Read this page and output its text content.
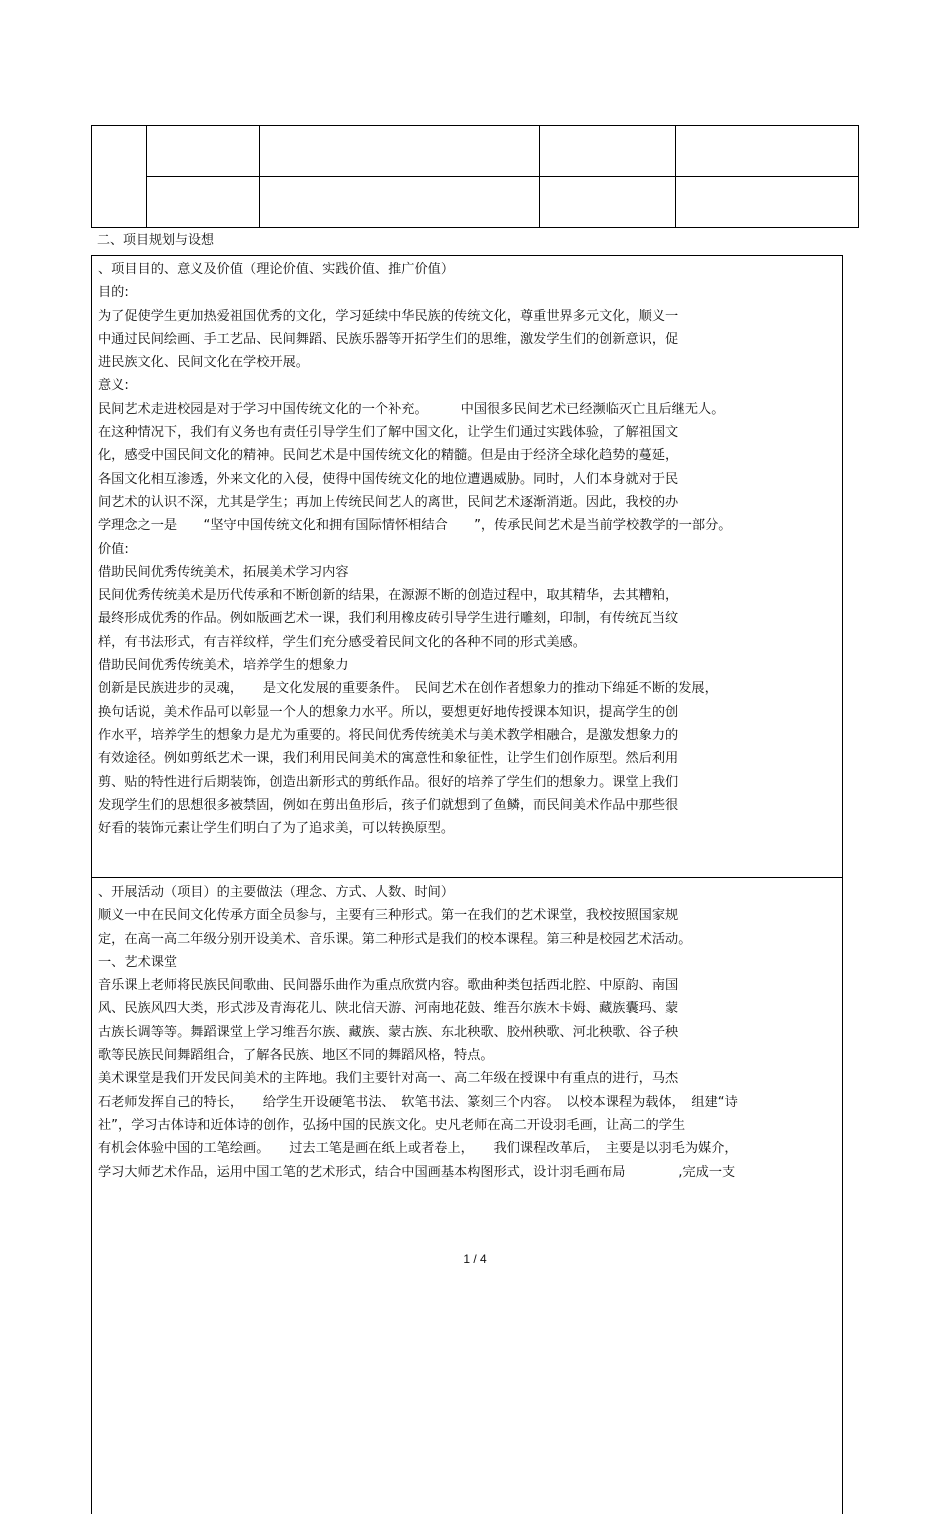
二、项目规划与设想
、项目目的、意义及价值（理论价值、实践价值、推广价值）
目的:
为了促使学生更加热爱祖国优秀的文化，学习延续中华民族的传统文化，尊重世界多元文化，顺义一
中通过民间绘画、手工艺品、民间舞蹈、民族乐器等开拓学生们的思维，激发学生们的创新意识，促
进民族文化、民间文化在学校开展。
意义:
民间艺术走进校园是对于学习中国传统文化的一个补充。　　　中国很多民间艺术已经濒临灭亡且后继无人。
在这种情况下，我们有义务也有责任引导学生们了解中国文化，让学生们通过实践体验，了解祖国文
化，感受中国民间文化的精神。民间艺术是中国传统文化的精髓。但是由于经济全球化趋势的蔓延，
各国文化相互渗透，外来文化的入侵，使得中国传统文化的地位遭遇威胁。同时，人们本身就对于民
间艺术的认识不深，尤其是学生；再加上传统民间艺人的离世，民间艺术逐渐消逝。因此，我校的办
学理念之一是　　“坚守中国传统文化和拥有国际情怀相结合　　”，传承民间艺术是当前学校教学的一部分。
价值:
借助民间优秀传统美术，拓展美术学习内容
民间优秀传统美术是历代传承和不断创新的结果，在源源不断的创造过程中，取其精华，去其糟粕，
最终形成优秀的作品。例如版画艺术一课，我们利用橡皮砖引导学生进行雕刻，印制，有传统瓦当纹
样，有书法形式，有吉祥纹样，学生们充分感受着民间文化的各种不同的形式美感。
借助民间优秀传统美术，培养学生的想象力
创新是民族进步的灵魂，　　是文化发展的重要条件。　民间艺术在创作者想象力的推动下绵延不断的发展，
换句话说，美术作品可以彰显一个人的想象力水平。所以，要想更好地传授课本知识，提高学生的创
作水平，培养学生的想象力是尤为重要的。将民间优秀传统美术与美术教学相融合，是激发想象力的
有效途径。例如剪纸艺术一课，我们利用民间美术的寓意性和象征性，让学生们创作原型。然后利用
剪、贴的特性进行后期装饰，创造出新形式的剪纸作品。很好的培养了学生们的想象力。课堂上我们
发现学生们的思想很多被禁固，例如在剪出鱼形后，孩子们就想到了鱼鳞，而民间美术作品中那些很
好看的装饰元素让学生们明白了为了追求美，可以转换原型。
、开展活动（项目）的主要做法（理念、方式、人数、时间）
顺义一中在民间文化传承方面全员参与，主要有三种形式。第一在我们的艺术课堂，我校按照国家规
定，在高一高二年级分别开设美术、音乐课。第二种形式是我们的校本课程。第三种是校园艺术活动。
一、艺术课堂
音乐课上老师将民族民间歌曲、民间器乐曲作为重点欣赏内容。歌曲种类包括西北腔、中原韵、南国
风、民族风四大类，形式涉及青海花儿、陕北信天游、河南地花鼓、维吾尔族木卡姆、藏族囊玛、蒙
古族长调等等。舞蹈课堂上学习维吾尔族、藏族、蒙古族、东北秧歌、胶州秧歌、河北秧歌、谷子秧
歌等民族民间舞蹈组合，了解各民族、地区不同的舞蹈风格，特点。
美术课堂是我们开发民间美术的主阵地。我们主要针对高一、高二年级在授课中有重点的进行，马杰
石老师发挥自己的特长，　　给学生开设硬笔书法、　软笔书法、篆刻三个内容。　以校本课程为载体，　组建“诗
社”，学习古体诗和近体诗的创作，弘扬中国的民族文化。史凡老师在高二开设羽毛画，让高二的学生
有机会体验中国的工笔绘画。　　过去工笔是画在纸上或者卷上，　　我们课程改革后，　主要是以羽毛为媒介，
学习大师艺术作品，运用中国工笔的艺术形式，结合中国画基本构图形式，设计羽毛画布局　　　　,完成一支
1 / 4
